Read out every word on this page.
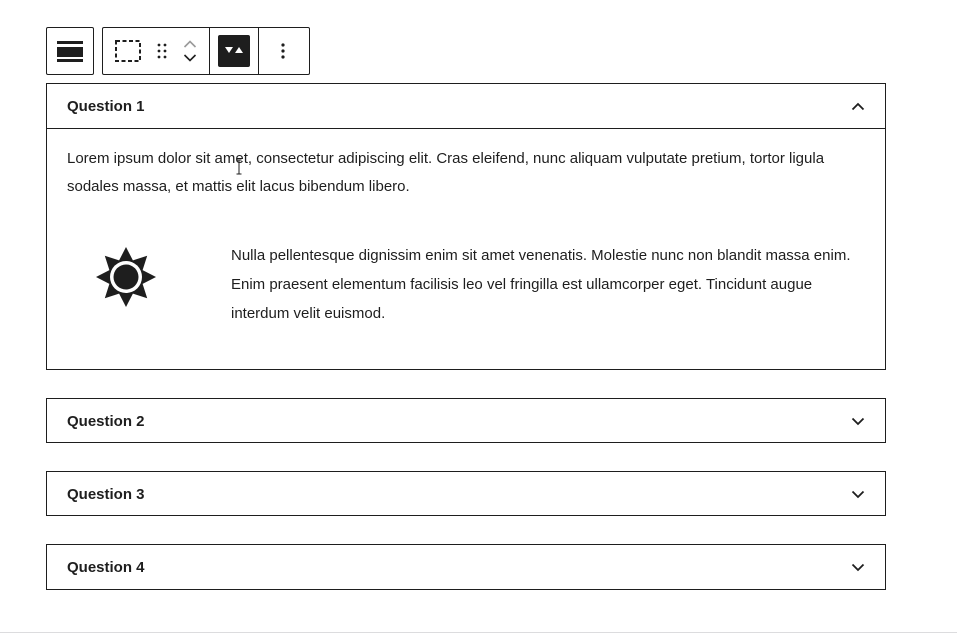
Question 1

Lorem ipsum dolor sit amet, consectetur adipiscing elit. Cras eleifend, nunc aliquam vulputate pretium, tortor ligula sodales massa, et mattis elit lacus bibendum libero.

Nulla pellentesque dignissim enim sit amet venenatis. Molestie nunc non blandit massa enim. Enim praesent elementum facilisis leo vel fringilla est ullamcorper eget. Tincidunt augue interdum velit euismod.

Question 2
Question 3
Question 4
